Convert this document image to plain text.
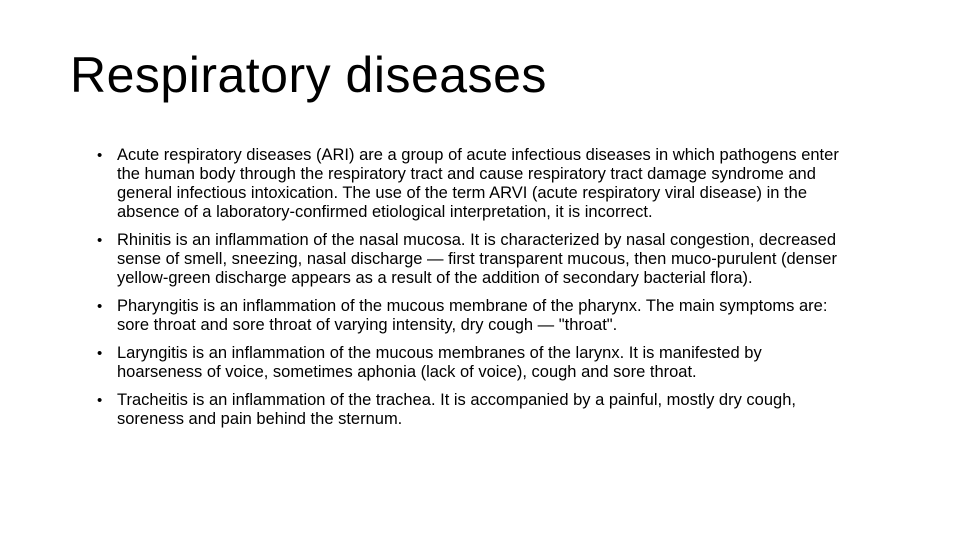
Respiratory diseases
• Acute respiratory diseases (ARI) are a group of acute infectious diseases in which pathogens enter the human body through the respiratory tract and cause respiratory tract damage syndrome and general infectious intoxication. The use of the term ARVI (acute respiratory viral disease) in the absence of a laboratory-confirmed etiological interpretation, it is incorrect.
• Rhinitis is an inflammation of the nasal mucosa. It is characterized by nasal congestion, decreased sense of smell, sneezing, nasal discharge — first transparent mucous, then muco-purulent (denser yellow-green discharge appears as a result of the addition of secondary bacterial flora).
• Pharyngitis is an inflammation of the mucous membrane of the pharynx. The main symptoms are: sore throat and sore throat of varying intensity, dry cough — "throat".
• Laryngitis is an inflammation of the mucous membranes of the larynx. It is manifested by hoarseness of voice, sometimes aphonia (lack of voice), cough and sore throat.
• Tracheitis is an inflammation of the trachea. It is accompanied by a painful, mostly dry cough, soreness and pain behind the sternum.
